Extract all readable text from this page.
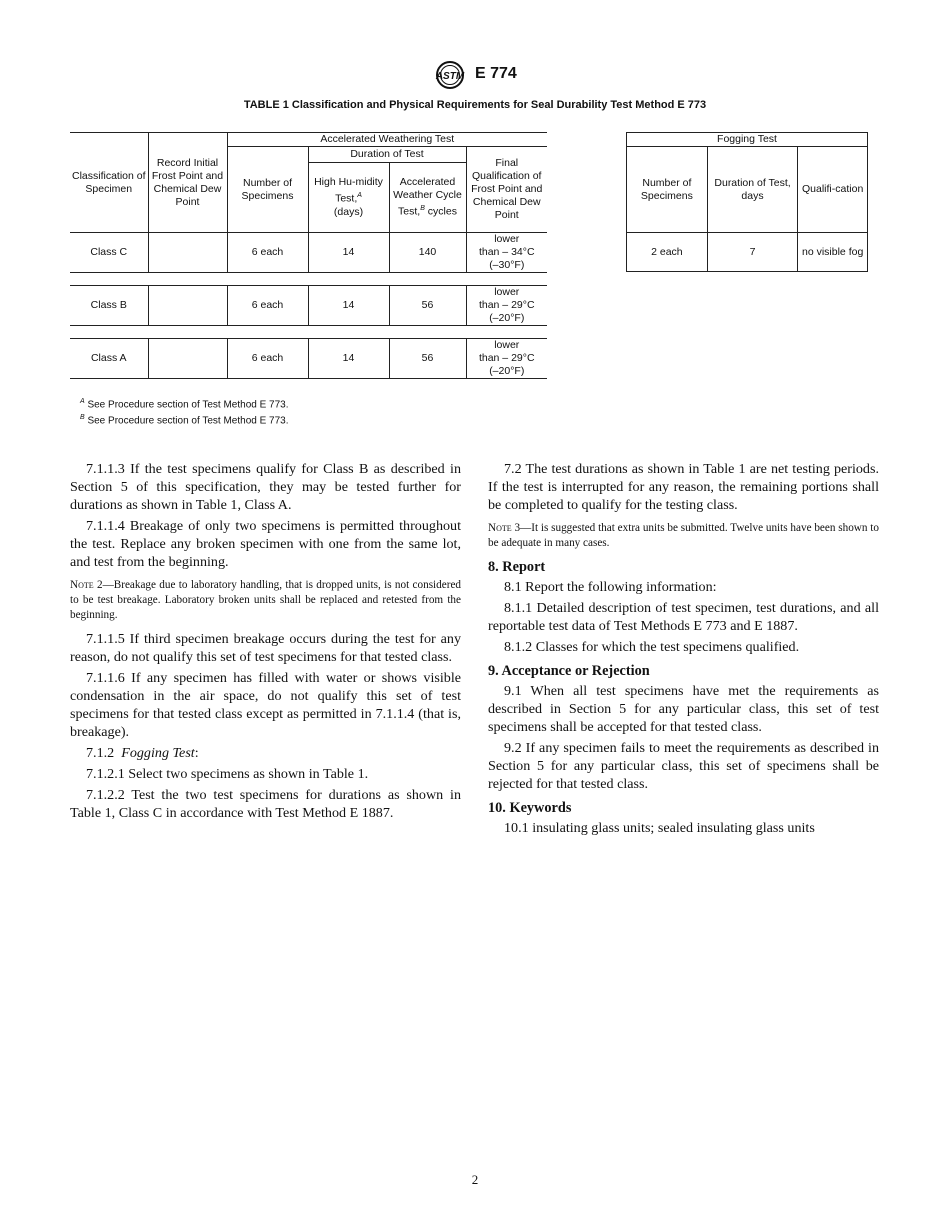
ASTM E 774
TABLE 1 Classification and Physical Requirements for Seal Durability Test Method E 773
Classification of Specimen	Record Initial Frost Point and Chemical Dew Point	Accelerated Weathering Test			
		Number of Specimens	Duration of Test		Final Qualification of Frost Point and Chemical Dew Point
			High Hu-midity
Test,$^A$
(days)	Accelerated Weather Cycle
Test,$^B$ cycles	
Class C		6 each	14	140	lower
than – 34°C
(–30°F)
Class B		6 each	14	56	lower
than – 29°C
(–20°F)
Class A		6 each	14	56	lower
than – 29°C
(–20°F)
Fogging Test		
Number of Specimens	Duration of Test, days	Qualifi-cation
2 each	7	no visible fog
$^A$ See Procedure section of Test Method E 773.
$^B$ See Procedure section of Test Method E 773.

7.1.1.3 If the test specimens qualify for Class B as described in Section 5 of this specification, they may be tested further for durations as shown in Table 1, Class A.

7.1.1.4 Breakage of only two specimens is permitted throughout the test. Replace any broken specimen with one from the same lot, and test from the beginning.

Note 2—Breakage due to laboratory handling, that is dropped units, is not considered to be test breakage. Laboratory broken units shall be replaced and retested from the beginning.

7.1.1.5 If third specimen breakage occurs during the test for any reason, do not qualify this set of test specimens for that tested class.

7.1.1.6 If any specimen has filled with water or shows visible condensation in the air space, do not qualify this set of test specimens for that tested class except as permitted in 7.1.1.4 (that is, breakage).

7.1.2 Fogging Test:

7.1.2.1 Select two specimens as shown in Table 1.

7.1.2.2 Test the two test specimens for durations as shown in Table 1, Class C in accordance with Test Method E 1887.

7.2 The test durations as shown in Table 1 are net testing periods. If the test is interrupted for any reason, the remaining portions shall be completed to qualify for the testing class.

Note 3—It is suggested that extra units be submitted. Twelve units have been shown to be adequate in many cases.

8. Report

8.1 Report the following information:

8.1.1 Detailed description of test specimen, test durations, and all reportable test data of Test Methods E 773 and E 1887.

8.1.2 Classes for which the test specimens qualified.

9. Acceptance or Rejection

9.1 When all test specimens have met the requirements as described in Section 5 for any particular class, this set of test specimens shall be accepted for that tested class.

9.2 If any specimen fails to meet the requirements as described in Section 5 for any particular class, this set of specimens shall be rejected for that tested class.

10. Keywords

10.1 insulating glass units; sealed insulating glass units

2
